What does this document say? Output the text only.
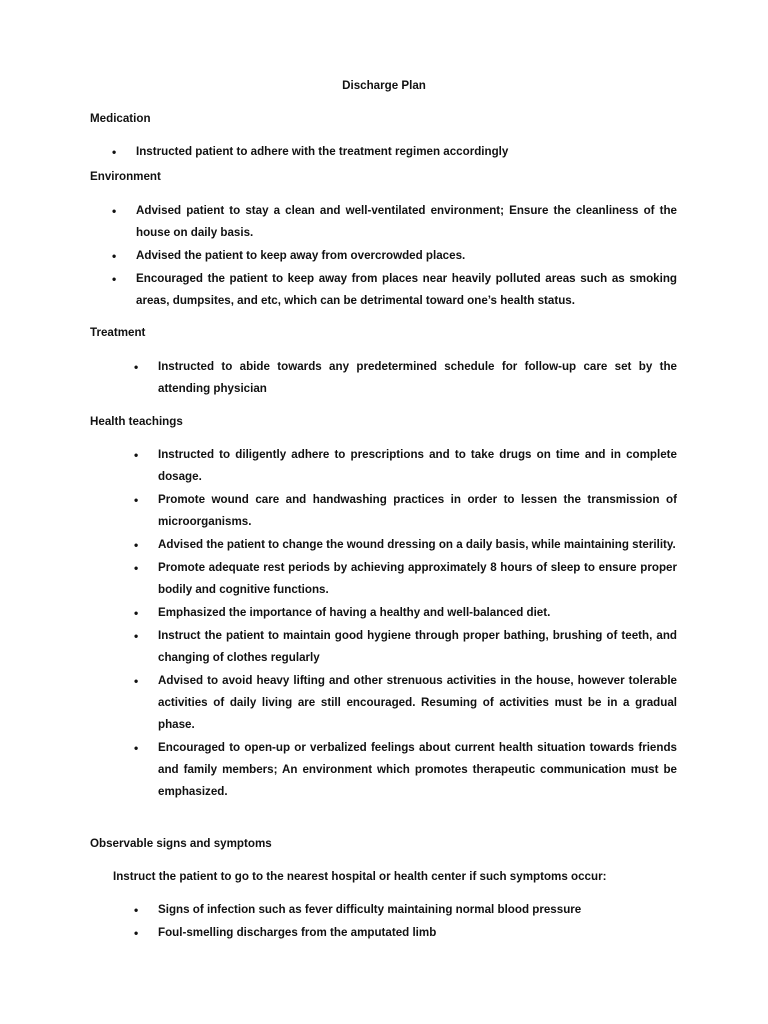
Discharge Plan
Medication
• Instructed patient to adhere with the treatment regimen accordingly
Environment
• Advised patient to stay a clean and well-ventilated environment; Ensure the cleanliness of the house on daily basis.
• Advised the patient to keep away from overcrowded places.
• Encouraged the patient to keep away from places near heavily polluted areas such as smoking areas, dumpsites, and etc, which can be detrimental toward one’s health status.
Treatment
• Instructed to abide towards any predetermined schedule for follow-up care set by the attending physician
Health teachings
• Instructed to diligently adhere to prescriptions and to take drugs on time and in complete dosage.
• Promote wound care and handwashing practices in order to lessen the transmission of microorganisms.
• Advised the patient to change the wound dressing on a daily basis, while maintaining sterility.
• Promote adequate rest periods by achieving approximately 8 hours of sleep to ensure proper bodily and cognitive functions.
• Emphasized the importance of having a healthy and well-balanced diet.
• Instruct the patient to maintain good hygiene through proper bathing, brushing of teeth, and changing of clothes regularly
• Advised to avoid heavy lifting and other strenuous activities in the house, however tolerable activities of daily living are still encouraged. Resuming of activities must be in a gradual phase.
• Encouraged to open-up or verbalized feelings about current health situation towards friends and family members; An environment which promotes therapeutic communication must be emphasized.
Observable signs and symptoms
Instruct the patient to go to the nearest hospital or health center if such symptoms occur:
• Signs of infection such as fever difficulty maintaining normal blood pressure
• Foul-smelling discharges from the amputated limb
